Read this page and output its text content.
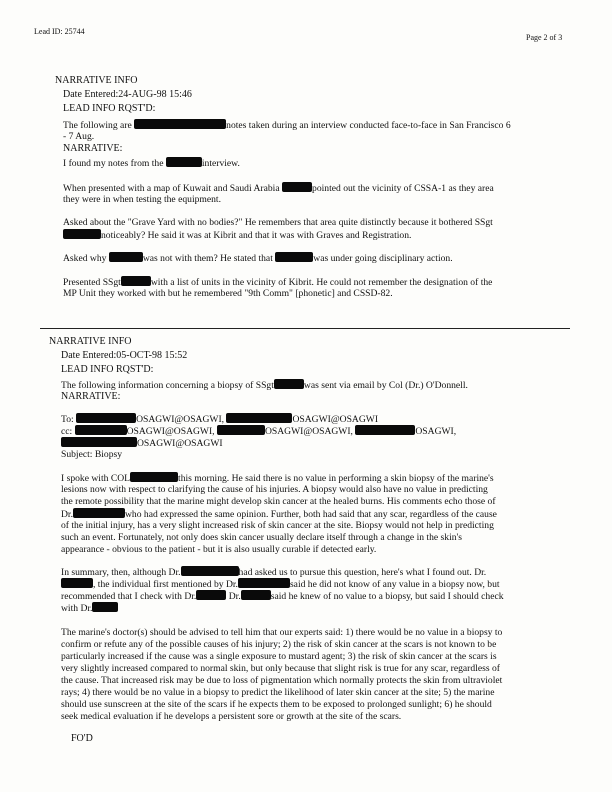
Lead ID: 25744
Page 2 of 3
NARRATIVE INFO
Date Entered:24-AUG-98 15:46
LEAD INFO RQST'D:
The following are	notes taken during an interview conducted face-to-face in San Francisco 6
- 7 Aug.
NARRATIVE:
I found my notes from the	interview.
When presented with a map of Kuwait and Saudi Arabia	pointed out the vicinity of CSSA-1 as they area
they were in when testing the equipment.
Asked about the "Grave Yard with no bodies?" He remembers that area quite distinctly because it bothered SSgt
noticeably? He said it was at Kibrit and that it was with Graves and Registration.
Asked why	was not with them? He stated that	was under going disciplinary action.
Presented SSgt	with a list of units in the vicinity of Kibrit. He could not remember the designation of the
MP Unit they worked with but he remembered "9th Comm" [phonetic] and CSSD-82.
NARRATIVE INFO
Date Entered:05-OCT-98 15:52
LEAD INFO RQST'D:
The following information concerning a biopsy of SSgt	was sent via email by Col (Dr.) O'Donnell.
NARRATIVE:
To:	OSAGWI@OSAGWI,	OSAGWI@OSAGWI
cc:	OSAGWI@OSAGWI,	OSAGWI@OSAGWI,	OSAGWI,
OSAGWI@OSAGWI
Subject: Biopsy
I spoke with COL	this morning. He said there is no value in performing a skin biopsy of the marine's
lesions now with respect to clarifying the cause of his injuries. A biopsy would also have no value in predicting
the remote possibility that the marine might develop skin cancer at the healed burns. His comments echo those of
Dr.	who had expressed the same opinion. Further, both had said that any scar, regardless of the cause
of the initial injury, has a very slight increased risk of skin cancer at the site. Biopsy would not help in predicting
such an event. Fortunately, not only does skin cancer usually declare itself through a change in the skin's
appearance - obvious to the patient - but it is also usually curable if detected early.
In summary, then, although Dr.	had asked us to pursue this question, here's what I found out. Dr.
, the individual first mentioned by Dr.	said he did not know of any value in a biopsy now, but
recommended that I check with Dr.	Dr.	said he knew of no value to a biopsy, but said I should check
with Dr.
The marine's doctor(s) should be advised to tell him that our experts said: 1) there would be no value in a biopsy to
confirm or refute any of the possible causes of his injury; 2) the risk of skin cancer at the scars is not known to be
particularly increased if the cause was a single exposure to mustard agent; 3) the risk of skin cancer at the scars is
very slightly increased compared to normal skin, but only because that slight risk is true for any scar, regardless of
the cause. That increased risk may be due to loss of pigmentation which normally protects the skin from ultraviolet
rays; 4) there would be no value in a biopsy to predict the likelihood of later skin cancer at the site; 5) the marine
should use sunscreen at the site of the scars if he expects them to be exposed to prolonged sunlight; 6) he should
seek medical evaluation if he develops a persistent sore or growth at the site of the scars.
FO'D
